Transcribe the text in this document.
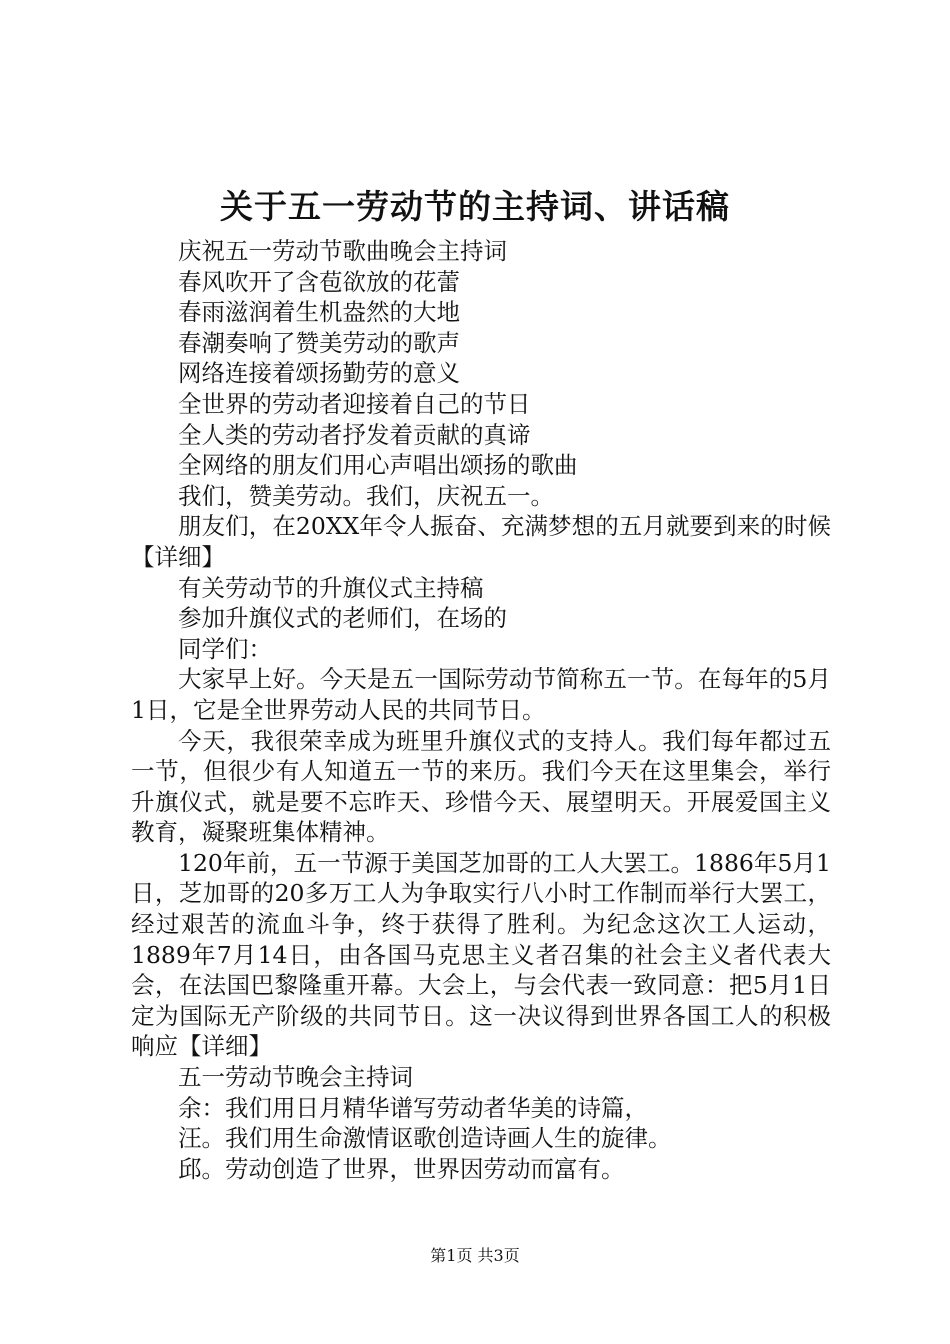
关于五一劳动节的主持词、讲话稿

庆祝五一劳动节歌曲晚会主持词

春风吹开了含苞欲放的花蕾

春雨滋润着生机盎然的大地

春潮奏响了赞美劳动的歌声

网络连接着颂扬勤劳的意义

全世界的劳动者迎接着自己的节日

全人类的劳动者抒发着贡献的真谛

全网络的朋友们用心声唱出颂扬的歌曲

我们，赞美劳动。我们，庆祝五一。

朋友们，在20XX年令人振奋、充满梦想的五月就要到来的时候【详细】

有关劳动节的升旗仪式主持稿

参加升旗仪式的老师们，在场的

同学们：

大家早上好。今天是五一国际劳动节简称五一节。在每年的5月1日，它是全世界劳动人民的共同节日。

今天，我很荣幸成为班里升旗仪式的支持人。我们每年都过五一节，但很少有人知道五一节的来历。我们今天在这里集会，举行升旗仪式，就是要不忘昨天、珍惜今天、展望明天。开展爱国主义教育，凝聚班集体精神。

120年前，五一节源于美国芝加哥的工人大罢工。1886年5月1日，芝加哥的20多万工人为争取实行八小时工作制而举行大罢工，经过艰苦的流血斗争，终于获得了胜利。为纪念这次工人运动，1889年7月14日，由各国马克思主义者召集的社会主义者代表大会，在法国巴黎隆重开幕。大会上，与会代表一致同意：把5月1日定为国际无产阶级的共同节日。这一决议得到世界各国工人的积极响应【详细】

五一劳动节晚会主持词

余：我们用日月精华谱写劳动者华美的诗篇，

汪。我们用生命激情讴歌创造诗画人生的旋律。

邱。劳动创造了世界，世界因劳动而富有。

第1页 共3页
